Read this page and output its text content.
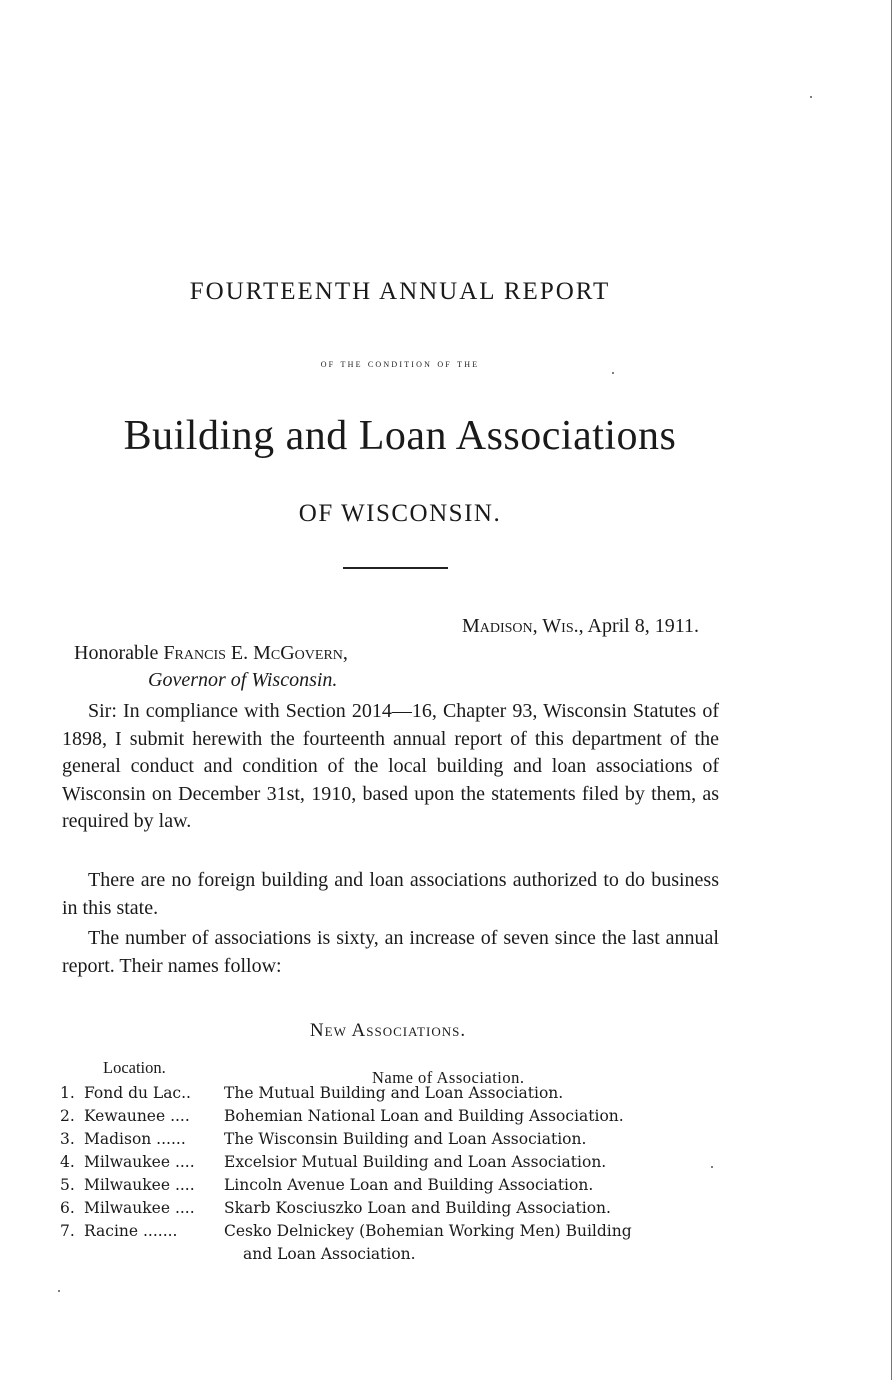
FOURTEENTH ANNUAL REPORT
of the condition of the
Building and Loan Associations
OF WISCONSIN.
Madison, Wis., April 8, 1911.
Honorable Francis E. McGovern,
Governor of Wisconsin.

Sir: In compliance with Section 2014—16, Chapter 93, Wisconsin Statutes of 1898, I submit herewith the fourteenth annual report of this department of the general conduct and condition of the local building and loan associations of Wisconsin on December 31st, 1910, based upon the statements filed by them, as required by law.

There are no foreign building and loan associations authorized to do business in this state.

The number of associations is sixty, an increase of seven since the last annual report. Their names follow:

New Associations.
Location.
Name of Association.
1. Fond du Lac.. The Mutual Building and Loan Association.
2. Kewaunee .... Bohemian National Loan and Building Association.
3. Madison ...... The Wisconsin Building and Loan Association.
4. Milwaukee .... Excelsior Mutual Building and Loan Association.
5. Milwaukee .... Lincoln Avenue Loan and Building Association.
6. Milwaukee .... Skarb Kosciuszko Loan and Building Association.
7. Racine .......	Cesko Delnickey (Bohemian Working Men) Building
and Loan Association.
